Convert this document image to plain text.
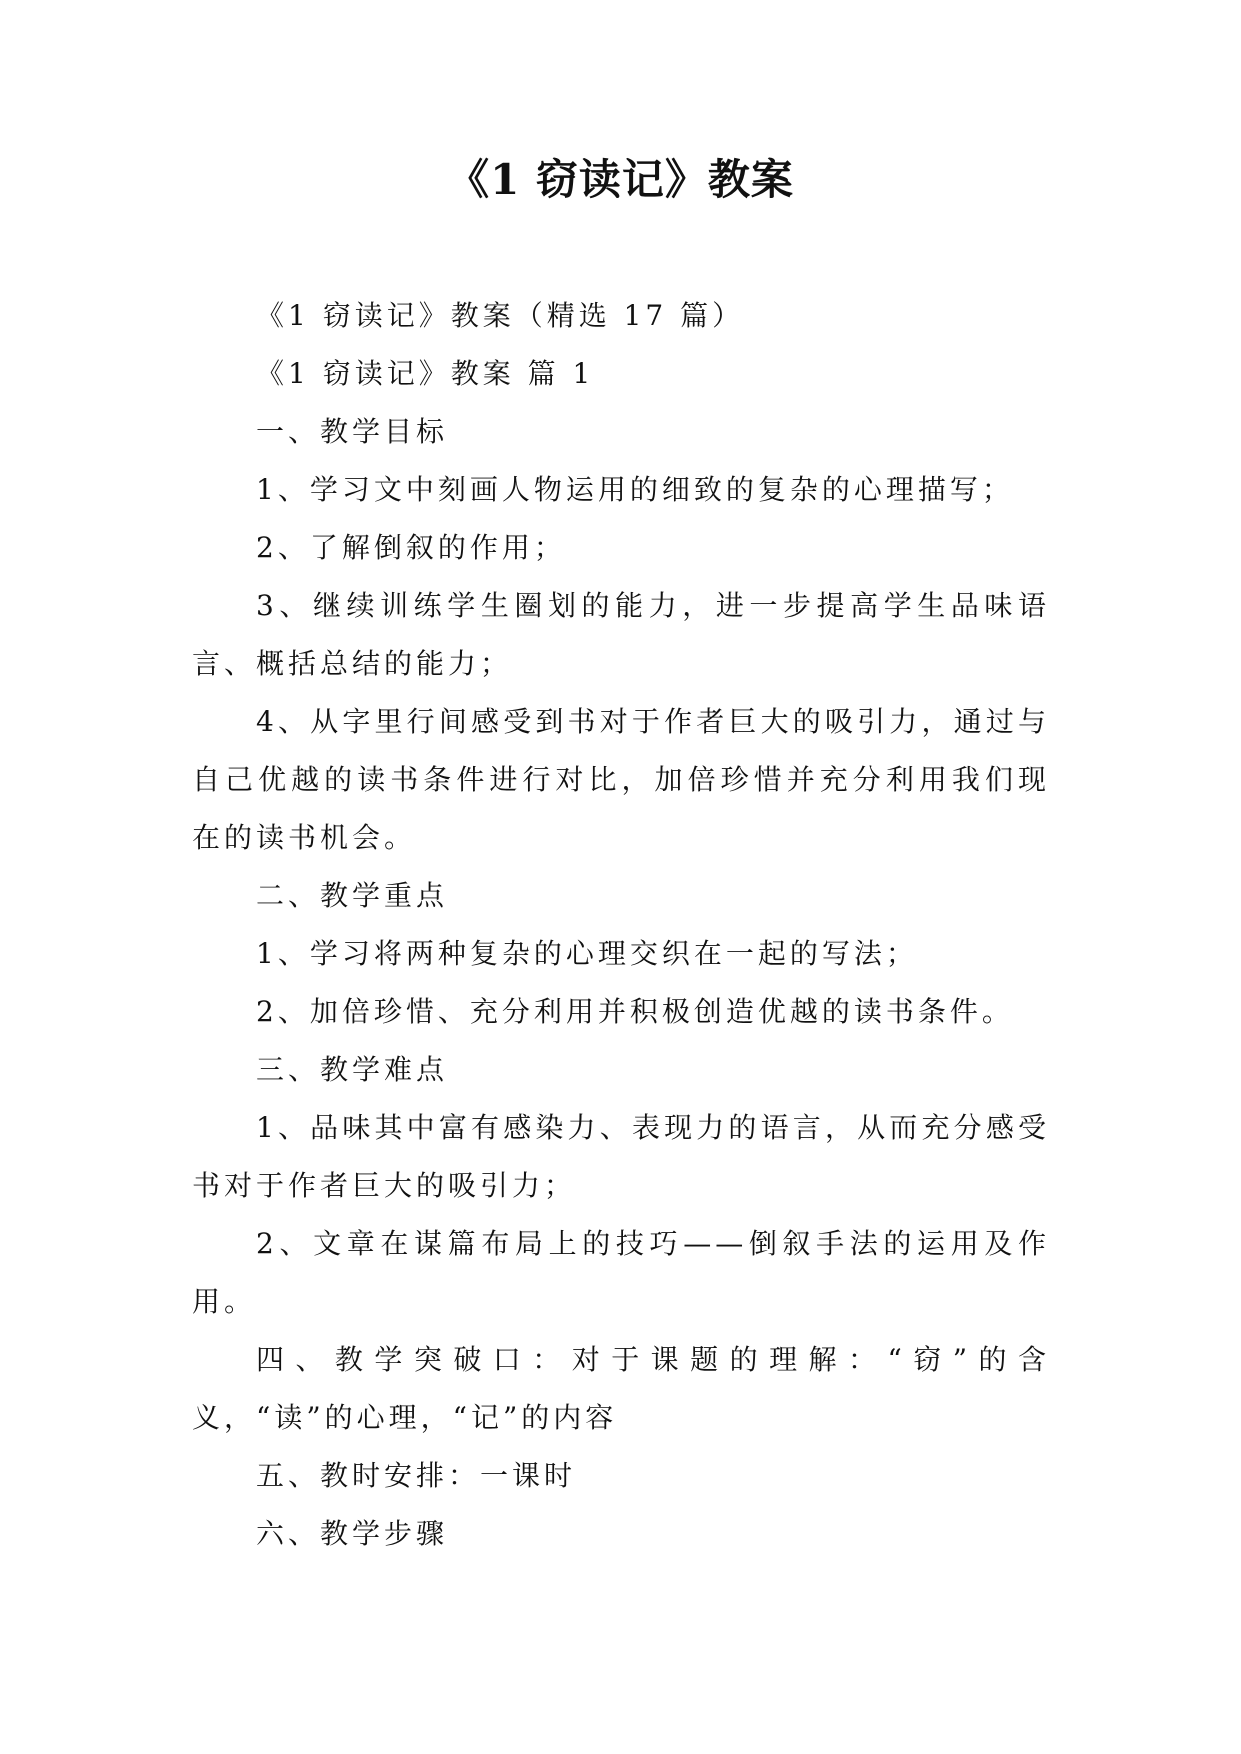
《1 窃读记》教案

《1 窃读记》教案（精选 17 篇）

《1 窃读记》教案 篇 1

一、教学目标

1、学习文中刻画人物运用的细致的复杂的心理描写；

2、了解倒叙的作用；

3、继续训练学生圈划的能力，进一步提高学生品味语言、概括总结的能力；

4、从字里行间感受到书对于作者巨大的吸引力，通过与自己优越的读书条件进行对比，加倍珍惜并充分利用我们现在的读书机会。

二、教学重点

1、学习将两种复杂的心理交织在一起的写法；

2、加倍珍惜、充分利用并积极创造优越的读书条件。

三、教学难点

1、品味其中富有感染力、表现力的语言，从而充分感受书对于作者巨大的吸引力；

2、文章在谋篇布局上的技巧——倒叙手法的运用及作用。

四、教学突破口：对于课题的理解：“窃”的含义，“读”的心理，“记”的内容

五、教时安排：一课时

六、教学步骤
